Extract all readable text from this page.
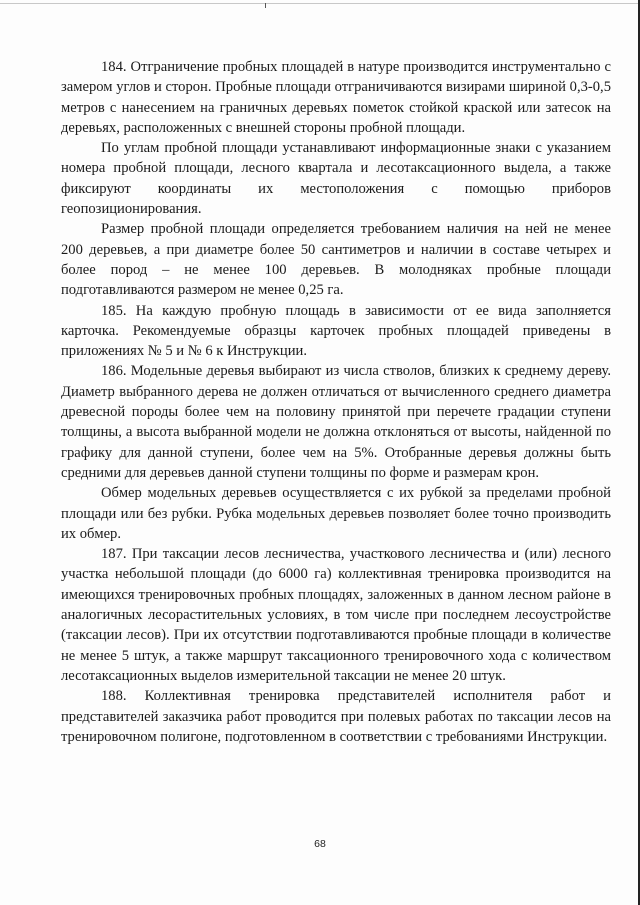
184. Отграничение пробных площадей в натуре производится инструментально с замером углов и сторон. Пробные площади отграничиваются визирами шириной 0,3-0,5 метров с нанесением на граничных деревьях пометок стойкой краской или затесок на деревьях, расположенных с внешней стороны пробной площади.

По углам пробной площади устанавливают информационные знаки с указанием номера пробной площади, лесного квартала и лесотаксационного выдела, а также фиксируют координаты их местоположения с помощью приборов геопозиционирования.

Размер пробной площади определяется требованием наличия на ней не менее 200 деревьев, а при диаметре более 50 сантиметров и наличии в составе четырех и более пород – не менее 100 деревьев. В молодняках пробные площади подготавливаются размером не менее 0,25 га.

185. На каждую пробную площадь в зависимости от ее вида заполняется карточка. Рекомендуемые образцы карточек пробных площадей приведены в приложениях № 5 и № 6 к Инструкции.

186. Модельные деревья выбирают из числа стволов, близких к среднему дереву. Диаметр выбранного дерева не должен отличаться от вычисленного среднего диаметра древесной породы более чем на половину принятой при перечете градации ступени толщины, а высота выбранной модели не должна отклоняться от высоты, найденной по графику для данной ступени, более чем на 5%. Отобранные деревья должны быть средними для деревьев данной ступени толщины по форме и размерам крон.

Обмер модельных деревьев осуществляется с их рубкой за пределами пробной площади или без рубки. Рубка модельных деревьев позволяет более точно производить их обмер.

187. При таксации лесов лесничества, участкового лесничества и (или) лесного участка небольшой площади (до 6000 га) коллективная тренировка производится на имеющихся тренировочных пробных площадях, заложенных в данном лесном районе в аналогичных лесорастительных условиях, в том числе при последнем лесоустройстве (таксации лесов). При их отсутствии подготавливаются пробные площади в количестве не менее 5 штук, а также маршрут таксационного тренировочного хода с количеством лесотаксационных выделов измерительной таксации не менее 20 штук.

188. Коллективная тренировка представителей исполнителя работ и представителей заказчика работ проводится при полевых работах по таксации лесов на тренировочном полигоне, подготовленном в соответствии с требованиями Инструкции.

68
